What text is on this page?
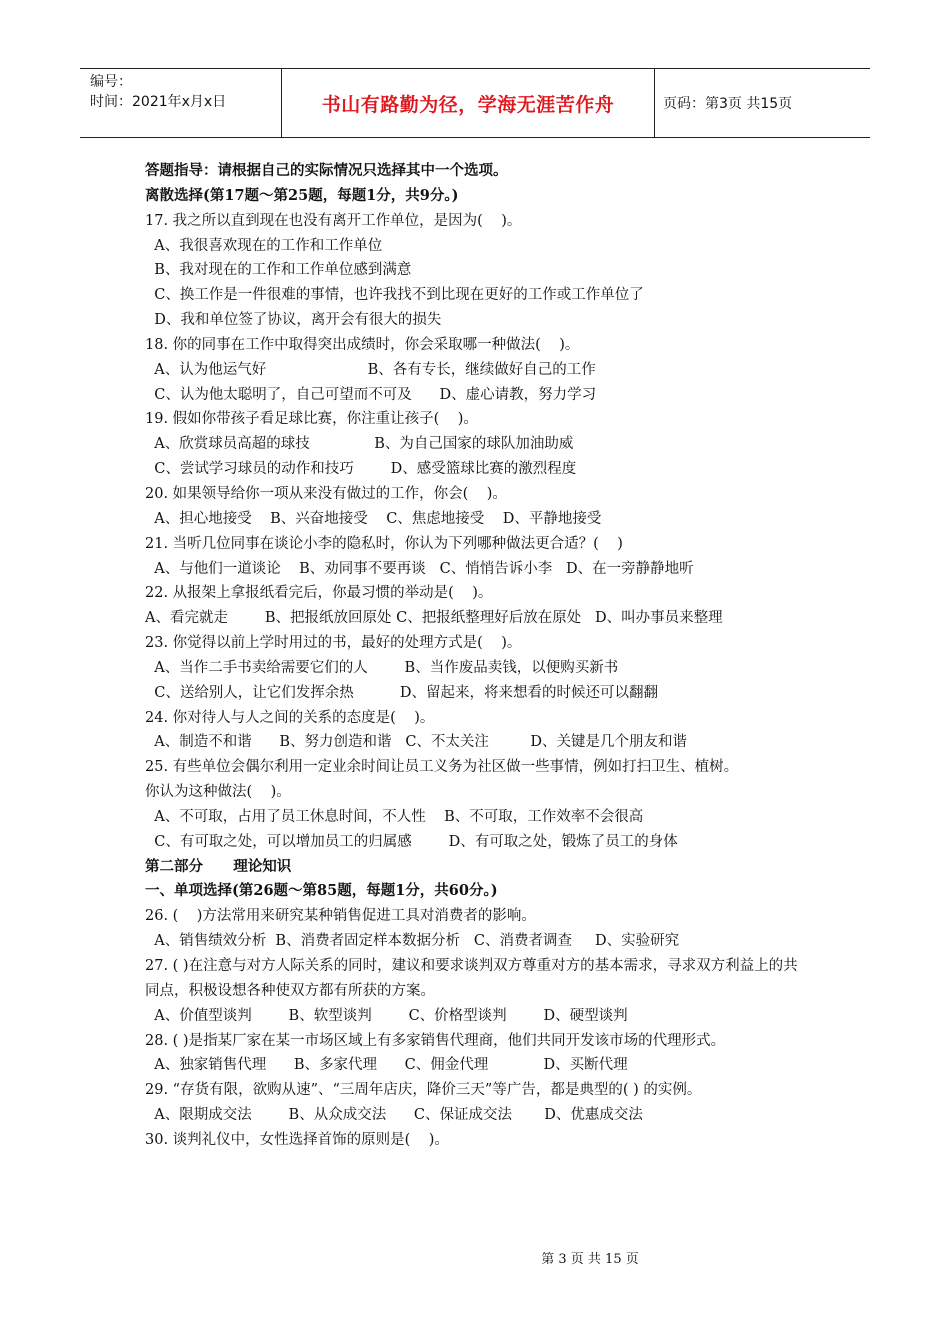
编号：
时间：2021年x月x日	书山有路勤为径，学海无涯苦作舟	页码：第3页 共15页
答题指导：请根据自己的实际情况只选择其中一个选项。
离散选择(第17题～第25题，每题1分，共9分。)
17. 我之所以直到现在也没有离开工作单位，是因为(    )。
A、我很喜欢现在的工作和工作单位
B、我对现在的工作和工作单位感到满意
C、换工作是一件很难的事情，也许我找不到比现在更好的工作或工作单位了
D、我和单位签了协议，离开会有很大的损失
18. 你的同事在工作中取得突出成绩时，你会采取哪一种做法(    )。
A、认为他运气好                      B、各有专长，继续做好自己的工作
C、认为他太聪明了，自己可望而不可及      D、虚心请教，努力学习
19. 假如你带孩子看足球比赛，你注重让孩子(    )。
A、欣赏球员高超的球技              B、为自己国家的球队加油助威
C、尝试学习球员的动作和技巧        D、感受篮球比赛的激烈程度
20. 如果领导给你一项从来没有做过的工作，你会(    )。
A、担心地接受    B、兴奋地接受    C、焦虑地接受    D、平静地接受
21. 当听几位同事在谈论小李的隐私时，你认为下列哪种做法更合适？(    )
A、与他们一道谈论    B、劝同事不要再谈   C、悄悄告诉小李   D、在一旁静静地听
22. 从报架上拿报纸看完后，你最习惯的举动是(    )。
A、看完就走        B、把报纸放回原处 C、把报纸整理好后放在原处   D、叫办事员来整理
23. 你觉得以前上学时用过的书，最好的处理方式是(    )。
A、当作二手书卖给需要它们的人        B、当作废品卖钱，以便购买新书
C、送给别人，让它们发挥余热          D、留起来，将来想看的时候还可以翻翻
24. 你对待人与人之间的关系的态度是(    )。
A、制造不和谐      B、努力创造和谐   C、不太关注         D、关键是几个朋友和谐
25. 有些单位会偶尔利用一定业余时间让员工义务为社区做一些事情，例如打扫卫生、植树。
你认为这种做法(    )。
A、不可取，占用了员工休息时间，不人性    B、不可取，工作效率不会很高
C、有可取之处，可以增加员工的归属感        D、有可取之处，锻炼了员工的身体
第二部分      理论知识
一、单项选择(第26题～第85题，每题1分，共60分。)
26. (    )方法常用来研究某种销售促进工具对消费者的影响。
A、销售绩效分析  B、消费者固定样本数据分析   C、消费者调查     D、实验研究
27. ( )在注意与对方人际关系的同时，建议和要求谈判双方尊重对方的基本需求，寻求双方利益上的共同点，积极设想各种使双方都有所获的方案。
A、价值型谈判        B、软型谈判        C、价格型谈判        D、硬型谈判
28. ( )是指某厂家在某一市场区域上有多家销售代理商，他们共同开发该市场的代理形式。
A、独家销售代理      B、多家代理      C、佣金代理            D、买断代理
29. “存货有限，欲购从速”、“三周年店庆，降价三天”等广告，都是典型的( ) 的实例。
A、限期成交法        B、从众成交法      C、保证成交法       D、优惠成交法
30. 谈判礼仪中，女性选择首饰的原则是(    )。
第 3 页 共 15 页
